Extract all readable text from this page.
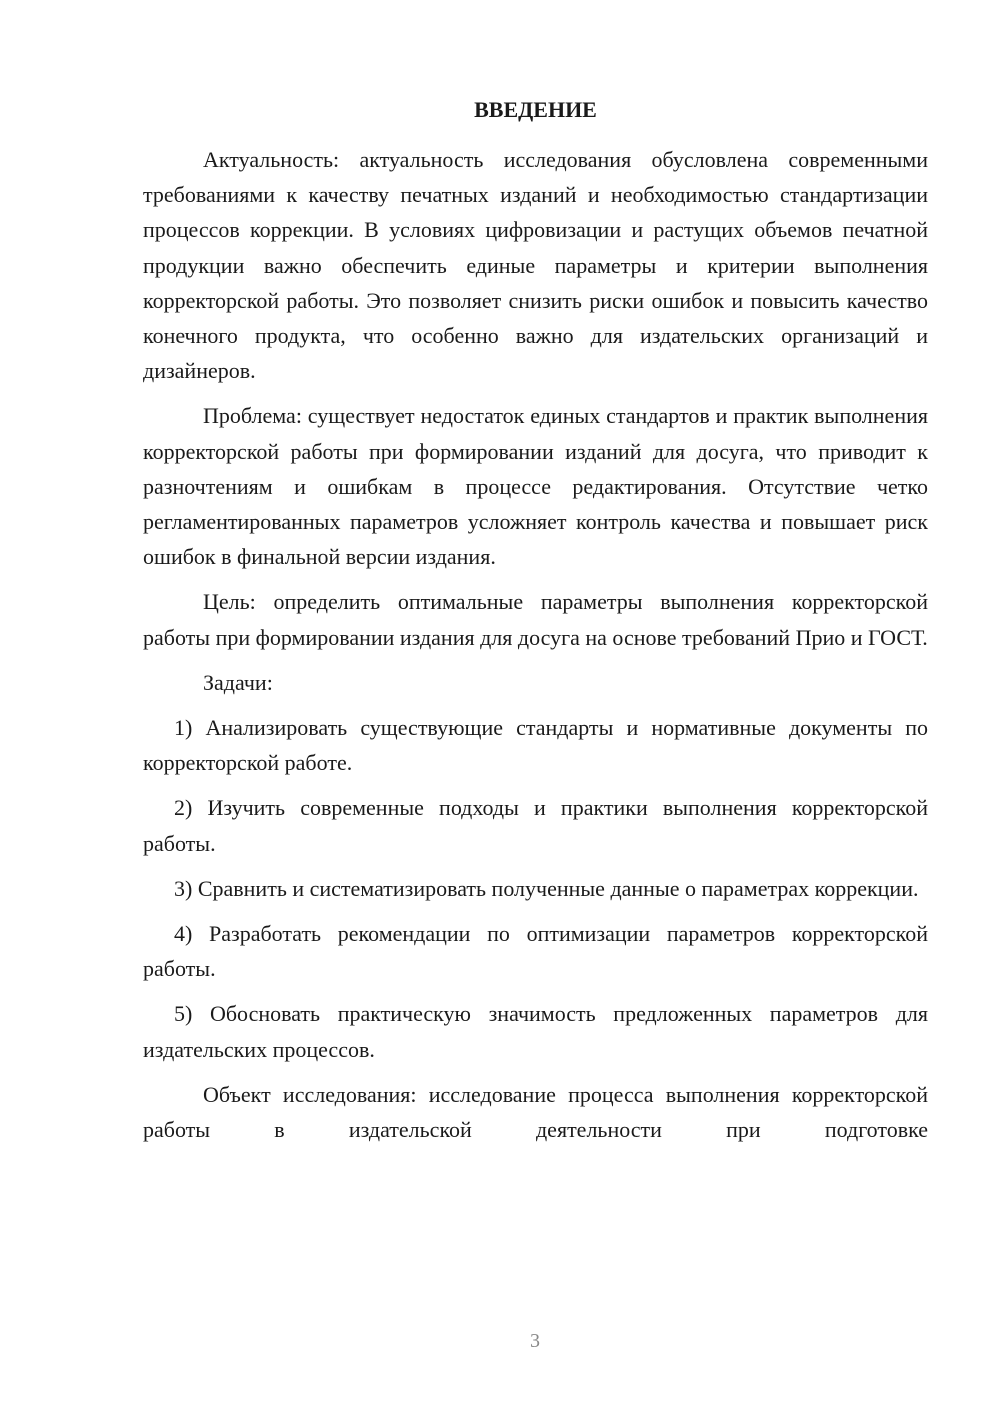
ВВЕДЕНИЕ

Актуальность: актуальность исследования обусловлена современными требованиями к качеству печатных изданий и необходимостью стандартизации процессов коррекции. В условиях цифровизации и растущих объемов печатной продукции важно обеспечить единые параметры и критерии выполнения корректорской работы. Это позволяет снизить риски ошибок и повысить качество конечного продукта, что особенно важно для издательских организаций и дизайнеров.

Проблема: существует недостаток единых стандартов и практик выполнения корректорской работы при формировании изданий для досуга, что приводит к разночтениям и ошибкам в процессе редактирования. Отсутствие четко регламентированных параметров усложняет контроль качества и повышает риск ошибок в финальной версии издания.

Цель: определить оптимальные параметры выполнения корректорской работы при формировании издания для досуга на основе требований Прио и ГОСТ.

Задачи:

1) Анализировать существующие стандарты и нормативные документы по корректорской работе.

2) Изучить современные подходы и практики выполнения корректорской работы.

3) Сравнить и систематизировать полученные данные о параметрах коррекции.

4) Разработать рекомендации по оптимизации параметров корректорской работы.

5) Обосновать практическую значимость предложенных параметров для издательских процессов.

Объект исследования: исследование процесса выполнения корректорской работы в издательской деятельности при подготовке

3
